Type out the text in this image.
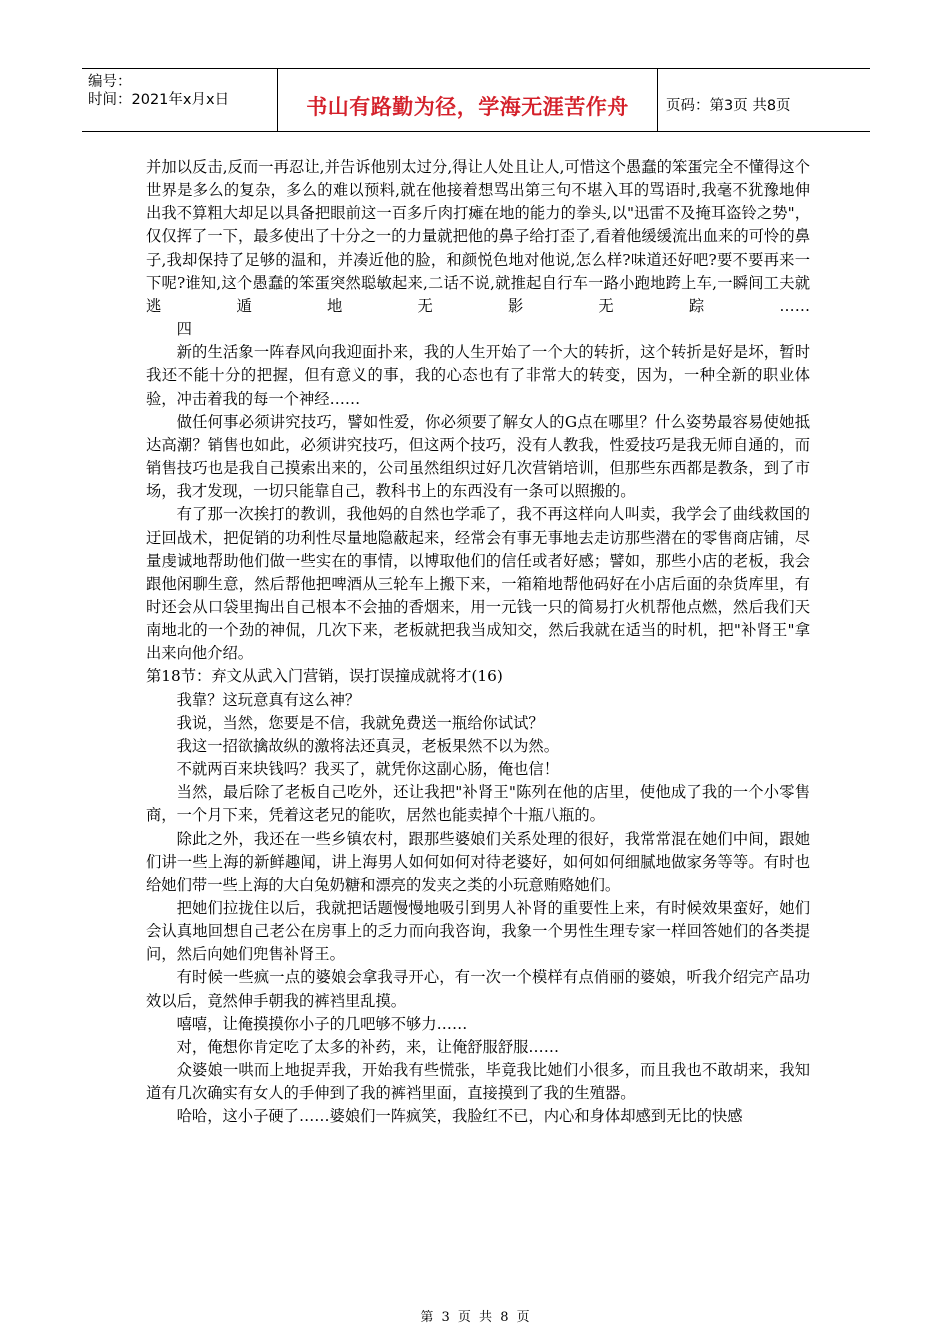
编号：
时间：2021年x月x日	书山有路勤为径，学海无涯苦作舟	页码：第3页 共8页

并加以反击,反而一再忍让,并告诉他别太过分,得让人处且让人,可惜这个愚蠢的笨蛋完全不懂得这个世界是多么的复杂，多么的难以预料,就在他接着想骂出第三句不堪入耳的骂语时,我毫不犹豫地伸出我不算粗大却足以具备把眼前这一百多斤肉打瘫在地的能力的拳头,以"迅雷不及掩耳盗铃之势"，仅仅挥了一下，最多使出了十分之一的力量就把他的鼻子给打歪了,看着他缓缓流出血来的可怜的鼻子,我却保持了足够的温和，并凑近他的脸，和颜悦色地对他说,怎么样?味道还好吧?要不要再来一下呢?谁知,这个愚蠢的笨蛋突然聪敏起来,二话不说,就推起自行车一路小跑地跨上车,一瞬间工夫就逃遁地无影无踪……

四

新的生活象一阵春风向我迎面扑来，我的人生开始了一个大的转折，这个转折是好是坏，暂时我还不能十分的把握，但有意义的事，我的心态也有了非常大的转变，因为，一种全新的职业体验，冲击着我的每一个神经……

做任何事必须讲究技巧，譬如性爱，你必须要了解女人的G点在哪里？什么姿势最容易使她抵达高潮？销售也如此，必须讲究技巧，但这两个技巧，没有人教我，性爱技巧是我无师自通的，而销售技巧也是我自己摸索出来的，公司虽然组织过好几次营销培训，但那些东西都是教条，到了市场，我才发现，一切只能靠自己，教科书上的东西没有一条可以照搬的。

有了那一次挨打的教训，我他妈的自然也学乖了，我不再这样向人叫卖，我学会了曲线救国的迂回战术，把促销的功利性尽量地隐蔽起来，经常会有事无事地去走访那些潜在的零售商店铺，尽量虔诚地帮助他们做一些实在的事情，以博取他们的信任或者好感；譬如，那些小店的老板，我会跟他闲聊生意，然后帮他把啤酒从三轮车上搬下来，一箱箱地帮他码好在小店后面的杂货库里，有时还会从口袋里掏出自己根本不会抽的香烟来，用一元钱一只的简易打火机帮他点燃，然后我们天南地北的一个劲的神侃，几次下来，老板就把我当成知交，然后我就在适当的时机，把"补肾王"拿出来向他介绍。

第18节：弃文从武入门营销，误打误撞成就将才(16)

我靠？这玩意真有这么神？

我说，当然，您要是不信，我就免费送一瓶给你试试？

我这一招欲擒故纵的激将法还真灵，老板果然不以为然。

不就两百来块钱吗？我买了，就凭你这副心肠，俺也信！

当然，最后除了老板自己吃外，还让我把"补肾王"陈列在他的店里，使他成了我的一个小零售商，一个月下来，凭着这老兄的能吹，居然也能卖掉个十瓶八瓶的。

除此之外，我还在一些乡镇农村，跟那些婆娘们关系处理的很好，我常常混在她们中间，跟她们讲一些上海的新鲜趣闻，讲上海男人如何如何对待老婆好，如何如何细腻地做家务等等。有时也给她们带一些上海的大白兔奶糖和漂亮的发夹之类的小玩意贿赂她们。

把她们拉拢住以后，我就把话题慢慢地吸引到男人补肾的重要性上来，有时候效果蛮好，她们会认真地回想自己老公在房事上的乏力而向我咨询，我象一个男性生理专家一样回答她们的各类提问，然后向她们兜售补肾王。

有时候一些疯一点的婆娘会拿我寻开心，有一次一个模样有点俏丽的婆娘，听我介绍完产品功效以后，竟然伸手朝我的裤裆里乱摸。

嘻嘻，让俺摸摸你小子的几吧够不够力……

对，俺想你肯定吃了太多的补药，来，让俺舒服舒服……

众婆娘一哄而上地捉弄我，开始我有些慌张，毕竟我比她们小很多，而且我也不敢胡来，我知道有几次确实有女人的手伸到了我的裤裆里面，直接摸到了我的生殖器。

哈哈，这小子硬了……婆娘们一阵疯笑，我脸红不已，内心和身体却感到无比的快感

第 3 页 共 8 页
